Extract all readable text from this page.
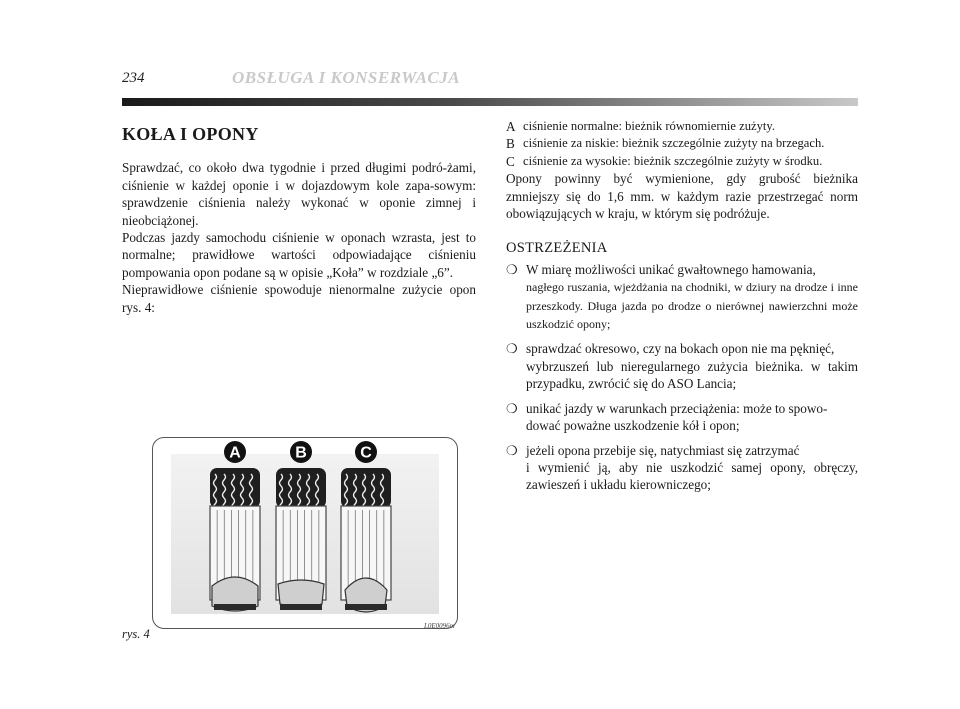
234	OBSŁUGA I KONSERWACJA
KOŁA I OPONY

Sprawdzać, co około dwa tygodnie i przed długimi podró-żami, ciśnienie w każdej oponie i w dojazdowym kole zapa-sowym: sprawdzenie ciśnienia należy wykonać w oponie zimnej i nieobciążonej.

Podczas jazdy samochodu ciśnienie w oponach wzrasta, jest to normalne; prawidłowe wartości odpowiadające ciśnieniu pompowania opon podane są w opisie „Koła” w rozdziale „6”.

Nieprawidłowe ciśnienie spowoduje nienormalne zużycie opon rys. 4:

A	B	C
rys. 4
L0E0096m
A ciśnienie normalne: bieżnik równomiernie zużyty.
B ciśnienie za niskie: bieżnik szczególnie zużyty na brzegach.
C ciśnienie za wysokie: bieżnik szczególnie zużyty w środku.

Opony powinny być wymienione, gdy grubość bieżnika zmniejszy się do 1,6 mm. w każdym razie przestrzegać norm obowiązujących w kraju, w którym się podróżuje.

OSTRZEŻENIA
❍ W miarę możliwości unikać gwałtownego hamowania,
nagłego ruszania, wjeżdżania na chodniki, w dziury na drodze i inne przeszkody. Długa jazda po drodze o nierównej nawierzchni może uszkodzić opony;
❍ sprawdzać okresowo, czy na bokach opon nie ma pęknięć,
wybrzuszeń lub nieregularnego zużycia bieżnika. w takim przypadku, zwrócić się do ASO Lancia;
❍ unikać jazdy w warunkach przeciążenia: może to spowo-
dować poważne uszkodzenie kół i opon;
❍ jeżeli opona przebije się, natychmiast się zatrzymać
i wymienić ją, aby nie uszkodzić samej opony, obręczy, zawieszeń i układu kierowniczego;
